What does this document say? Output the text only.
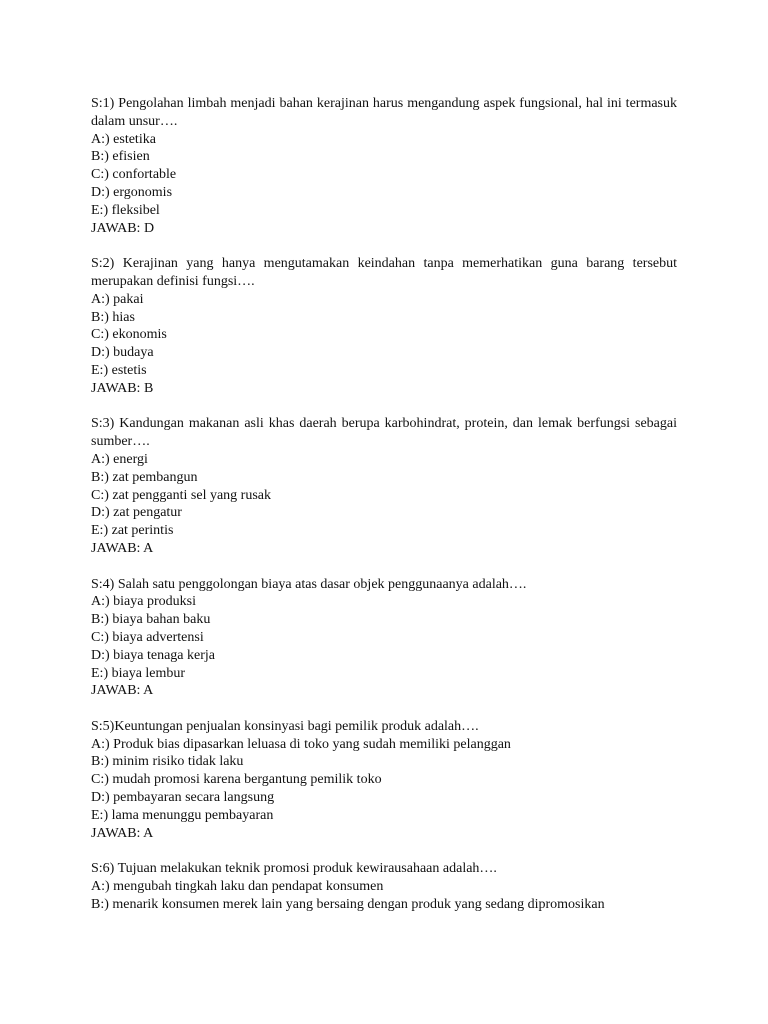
S:1) Pengolahan limbah menjadi bahan kerajinan harus mengandung aspek fungsional, hal ini termasuk dalam unsur….

A:) estetika

B:) efisien

C:) confortable

D:) ergonomis

E:) fleksibel

JAWAB: D

S:2) Kerajinan yang hanya mengutamakan keindahan tanpa memerhatikan guna barang tersebut merupakan definisi fungsi….

A:) pakai

B:) hias

C:) ekonomis

D:) budaya

E:) estetis

JAWAB: B

S:3) Kandungan makanan asli khas daerah berupa karbohindrat, protein, dan lemak berfungsi sebagai sumber….

A:) energi

B:) zat pembangun

C:) zat pengganti sel yang rusak

D:) zat pengatur

E:) zat perintis

JAWAB: A

S:4) Salah satu penggolongan biaya atas dasar objek penggunaanya adalah….

A:) biaya produksi

B:) biaya bahan baku

C:) biaya advertensi

D:) biaya tenaga kerja

E:) biaya lembur

JAWAB: A

S:5)Keuntungan penjualan konsinyasi bagi pemilik produk adalah….

A:) Produk bias dipasarkan leluasa di toko yang sudah memiliki pelanggan

B:) minim risiko tidak laku

C:) mudah promosi karena bergantung pemilik toko

D:) pembayaran secara langsung

E:) lama menunggu pembayaran

JAWAB: A

S:6) Tujuan melakukan teknik promosi produk kewirausahaan adalah….

A:) mengubah tingkah laku dan pendapat konsumen

B:) menarik konsumen merek lain yang bersaing dengan produk yang sedang dipromosikan
